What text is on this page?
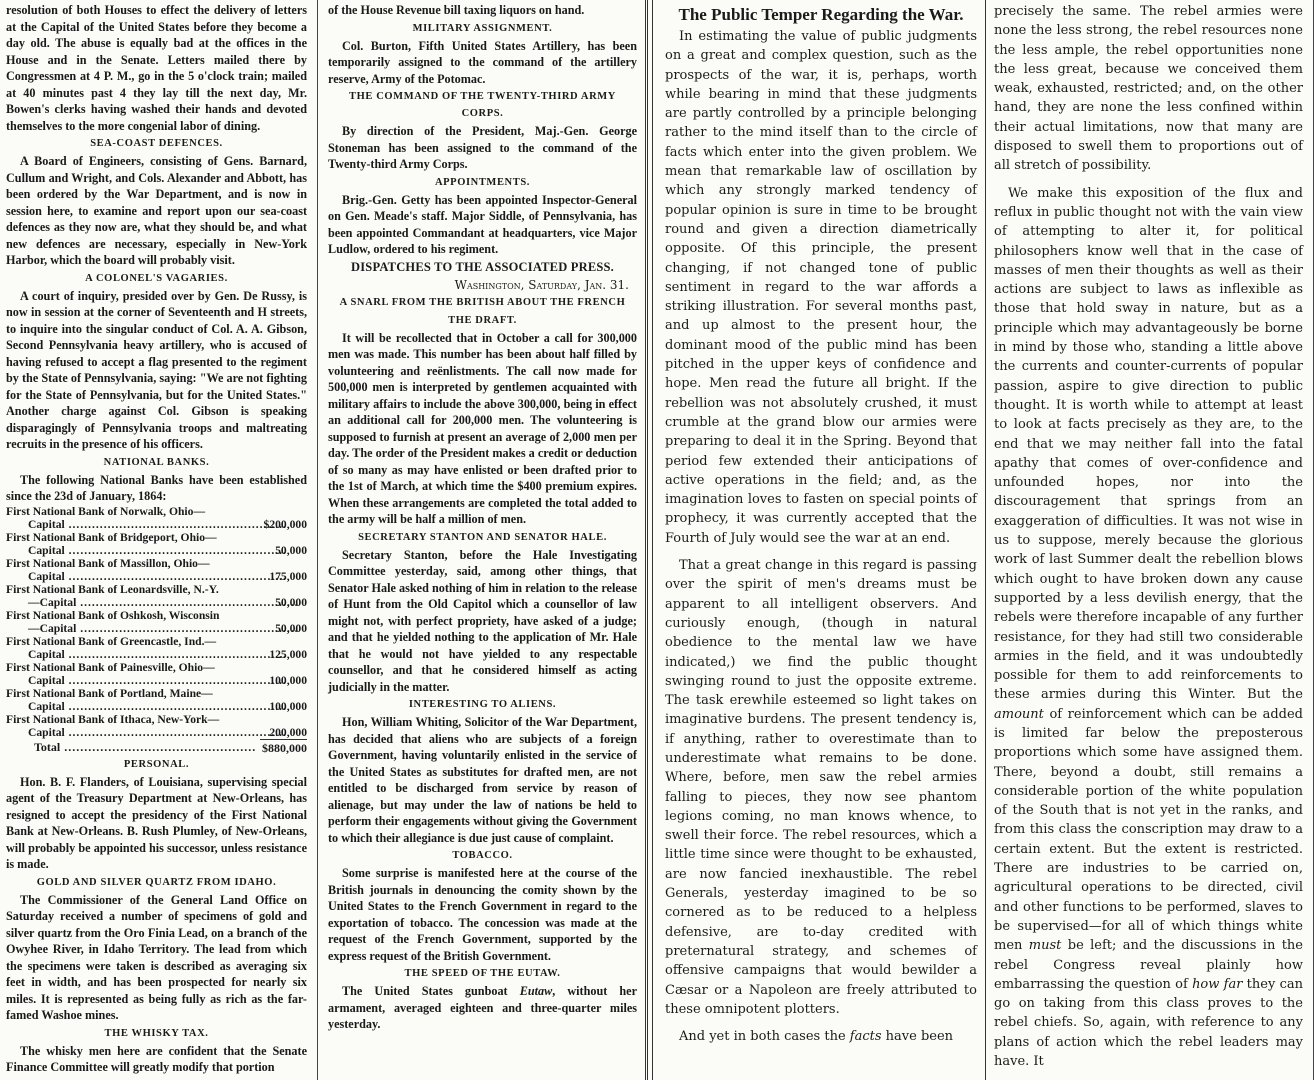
resolution of both Houses to effect the delivery of letters at the Capital of the United States before they become a day old. The abuse is equally bad at the offices in the House and in the Senate. Letters mailed there by Congressmen at 4 P. M., go in the 5 o'clock train; mailed at 40 minutes past 4 they lay till the next day, Mr. Bowen's clerks having washed their hands and devoted themselves to the more congenial labor of dining.

SEA-COAST DEFENCES.

A Board of Engineers, consisting of Gens. Barnard, Cullum and Wright, and Cols. Alexander and Abbott, has been ordered by the War Department, and is now in session here, to examine and report upon our sea-coast defences as they now are, what they should be, and what new defences are necessary, especially in New-York Harbor, which the board will probably visit.

A COLONEL'S VAGARIES.

A court of inquiry, presided over by Gen. De Russy, is now in session at the corner of Seventeenth and H streets, to inquire into the singular conduct of Col. A. A. Gibson, Second Pennsylvania heavy artillery, who is accused of having refused to accept a flag presented to the regiment by the State of Pennsylvania, saying: "We are not fighting for the State of Pennsylvania, but for the United States." Another charge against Col. Gibson is speaking disparagingly of Pennsylvania troops and maltreating recruits in the presence of his officers.

NATIONAL BANKS.

The following National Banks have been established since the 23d of January, 1864:

First National Bank of Norwalk, Ohio—
Capital .....	$200,000
First National Bank of Bridgeport, Ohio—
Capital .....	50,000
First National Bank of Massillon, Ohio—
Capital .....	175,000
First National Bank of Leonardsville, N.-Y.
—Capital .....	50,000
First National Bank of Oshkosh, Wisconsin
—Capital .....	50,000
First National Bank of Greencastle, Ind.—
Capital .....	125,000
First National Bank of Painesville, Ohio—
Capital .....	100,000
First National Bank of Portland, Maine—
Capital .....	100,000
First National Bank of Ithaca, New-York—
Capital .....	200,000
Total .....	$880,000
PERSONAL.

Hon. B. F. Flanders, of Louisiana, supervising special agent of the Treasury Department at New-Orleans, has resigned to accept the presidency of the First National Bank at New-Orleans. B. Rush Plumley, of New-Orleans, will probably be appointed his successor, unless resistance is made.

GOLD AND SILVER QUARTZ FROM IDAHO.

The Commissioner of the General Land Office on Saturday received a number of specimens of gold and silver quartz from the Oro Finia Lead, on a branch of the Owyhee River, in Idaho Territory. The lead from which the specimens were taken is described as averaging six feet in width, and has been prospected for nearly six miles. It is represented as being fully as rich as the far-famed Washoe mines.

THE WHISKY TAX.

The whisky men here are confident that the Senate Finance Committee will greatly modify that portion

of the House Revenue bill taxing liquors on hand.

MILITARY ASSIGNMENT.

Col. Burton, Fifth United States Artillery, has been temporarily assigned to the command of the artillery reserve, Army of the Potomac.

THE COMMAND OF THE TWENTY-THIRD ARMY CORPS.

By direction of the President, Maj.-Gen. George Stoneman has been assigned to the command of the Twenty-third Army Corps.

APPOINTMENTS.

Brig.-Gen. Getty has been appointed Inspector-General on Gen. Meade's staff. Major Siddle, of Pennsylvania, has been appointed Commandant at headquarters, vice Major Ludlow, ordered to his regiment.

DISPATCHES TO THE ASSOCIATED PRESS.
Washington, Saturday, Jan. 31.
A SNARL FROM THE BRITISH ABOUT THE FRENCH
THE DRAFT.

It will be recollected that in October a call for 300,000 men was made. This number has been about half filled by volunteering and reënlistments. The call now made for 500,000 men is interpreted by gentlemen acquainted with military affairs to include the above 300,000, being in effect an additional call for 200,000 men. The volunteering is supposed to furnish at present an average of 2,000 men per day. The order of the President makes a credit or deduction of so many as may have enlisted or been drafted prior to the 1st of March, at which time the $400 premium expires. When these arrangements are completed the total added to the army will be half a million of men.

SECRETARY STANTON AND SENATOR HALE.

Secretary Stanton, before the Hale Investigating Committee yesterday, said, among other things, that Senator Hale asked nothing of him in relation to the release of Hunt from the Old Capitol which a counsellor of law might not, with perfect propriety, have asked of a judge; and that he yielded nothing to the application of Mr. Hale that he would not have yielded to any respectable counsellor, and that he considered himself as acting judicially in the matter.

INTERESTING TO ALIENS.

Hon, William Whiting, Solicitor of the War Department, has decided that aliens who are subjects of a foreign Government, having voluntarily enlisted in the service of the United States as substitutes for drafted men, are not entitled to be discharged from service by reason of alienage, but may under the law of nations be held to perform their engagements without giving the Government to which their allegiance is due just cause of complaint.

TOBACCO.

Some surprise is manifested here at the course of the British journals in denouncing the comity shown by the United States to the French Government in regard to the exportation of tobacco. The concession was made at the request of the French Government, supported by the express request of the British Government.

THE SPEED OF THE EUTAW.

The United States gunboat Eutaw, without her armament, averaged eighteen and three-quarter miles yesterday.

The Public Temper Regarding the War.

In estimating the value of public judgments on a great and complex question, such as the prospects of the war, it is, perhaps, worth while bearing in mind that these judgments are partly controlled by a principle belonging rather to the mind itself than to the circle of facts which enter into the given problem. We mean that remarkable law of oscillation by which any strongly marked tendency of popular opinion is sure in time to be brought round and given a direction diametrically opposite. Of this principle, the present changing, if not changed tone of public sentiment in regard to the war affords a striking illustration. For several months past, and up almost to the present hour, the dominant mood of the public mind has been pitched in the upper keys of confidence and hope. Men read the future all bright. If the rebellion was not absolutely crushed, it must crumble at the grand blow our armies were preparing to deal it in the Spring. Beyond that period few extended their anticipations of active operations in the field; and, as the imagination loves to fasten on special points of prophecy, it was currently accepted that the Fourth of July would see the war at an end.

That a great change in this regard is passing over the spirit of men's dreams must be apparent to all intelligent observers. And curiously enough, (though in natural obedience to the mental law we have indicated,) we find the public thought swinging round to just the opposite extreme. The task erewhile esteemed so light takes on imaginative burdens. The present tendency is, if anything, rather to overestimate than to underestimate what remains to be done. Where, before, men saw the rebel armies falling to pieces, they now see phantom legions coming, no man knows whence, to swell their force. The rebel resources, which a little time since were thought to be exhausted, are now fancied inexhaustible. The rebel Generals, yesterday imagined to be so cornered as to be reduced to a helpless defensive, are to-day credited with preternatural strategy, and schemes of offensive campaigns that would bewilder a Cæsar or a Napoleon are freely attributed to these omnipotent plotters.

And yet in both cases the facts have been

precisely the same. The rebel armies were none the less strong, the rebel resources none the less ample, the rebel opportunities none the less great, because we conceived them weak, exhausted, restricted; and, on the other hand, they are none the less confined within their actual limitations, now that many are disposed to swell them to proportions out of all stretch of possibility.

We make this exposition of the flux and reflux in public thought not with the vain view of attempting to alter it, for political philosophers know well that in the case of masses of men their thoughts as well as their actions are subject to laws as inflexible as those that hold sway in nature, but as a principle which may advantageously be borne in mind by those who, standing a little above the currents and counter-currents of popular passion, aspire to give direction to public thought. It is worth while to attempt at least to look at facts precisely as they are, to the end that we may neither fall into the fatal apathy that comes of over-confidence and unfounded hopes, nor into the discouragement that springs from an exaggeration of difficulties. It was not wise in us to suppose, merely because the glorious work of last Summer dealt the rebellion blows which ought to have broken down any cause supported by a less devilish energy, that the rebels were therefore incapable of any further resistance, for they had still two considerable armies in the field, and it was undoubtedly possible for them to add reinforcements to these armies during this Winter. But the amount of reinforcement which can be added is limited far below the preposterous proportions which some have assigned them. There, beyond a doubt, still remains a considerable portion of the white population of the South that is not yet in the ranks, and from this class the conscription may draw to a certain extent. But the extent is restricted. There are industries to be carried on, agricultural operations to be directed, civil and other functions to be performed, slaves to be supervised—for all of which things white men must be left; and the discussions in the rebel Congress reveal plainly how embarrassing the question of how far they can go on taking from this class proves to the rebel chiefs. So, again, with reference to any plans of action which the rebel leaders may have. It
